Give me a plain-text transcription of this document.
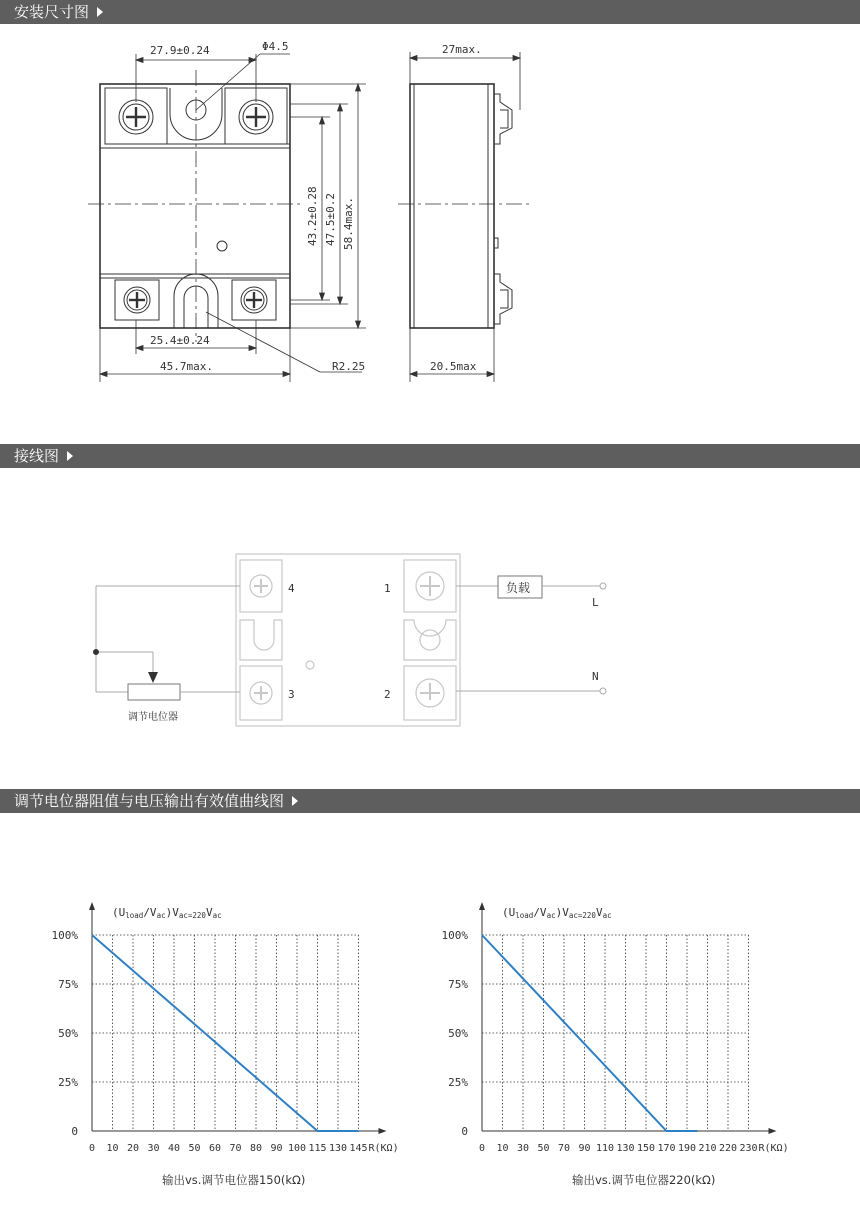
安装尺寸图
27.9±0.24	Φ4.5
25.4±0.24
45.7max.	R2.25
27max.
20.5max
43.2±0.28 47.5±0.2 58.4max.
接线图
4	1
3	2
L
N
负载
调节电位器
调节电位器阻值与电压输出有效值曲线图
0
25%
50%
75%
100%
0 10 20 30 40 50 60 70 80 90 100 115 130 145 R(KΩ)
(Uload/Vac)Vac=220Vac
0
25%
50%
75%
100%
0 10 30 50 70 90 110 130 150 170 190 210 220 230 R(KΩ)
(Uload/Vac)Vac=220Vac
输出vs.调节电位器150(kΩ)	输出vs.调节电位器220(kΩ)
